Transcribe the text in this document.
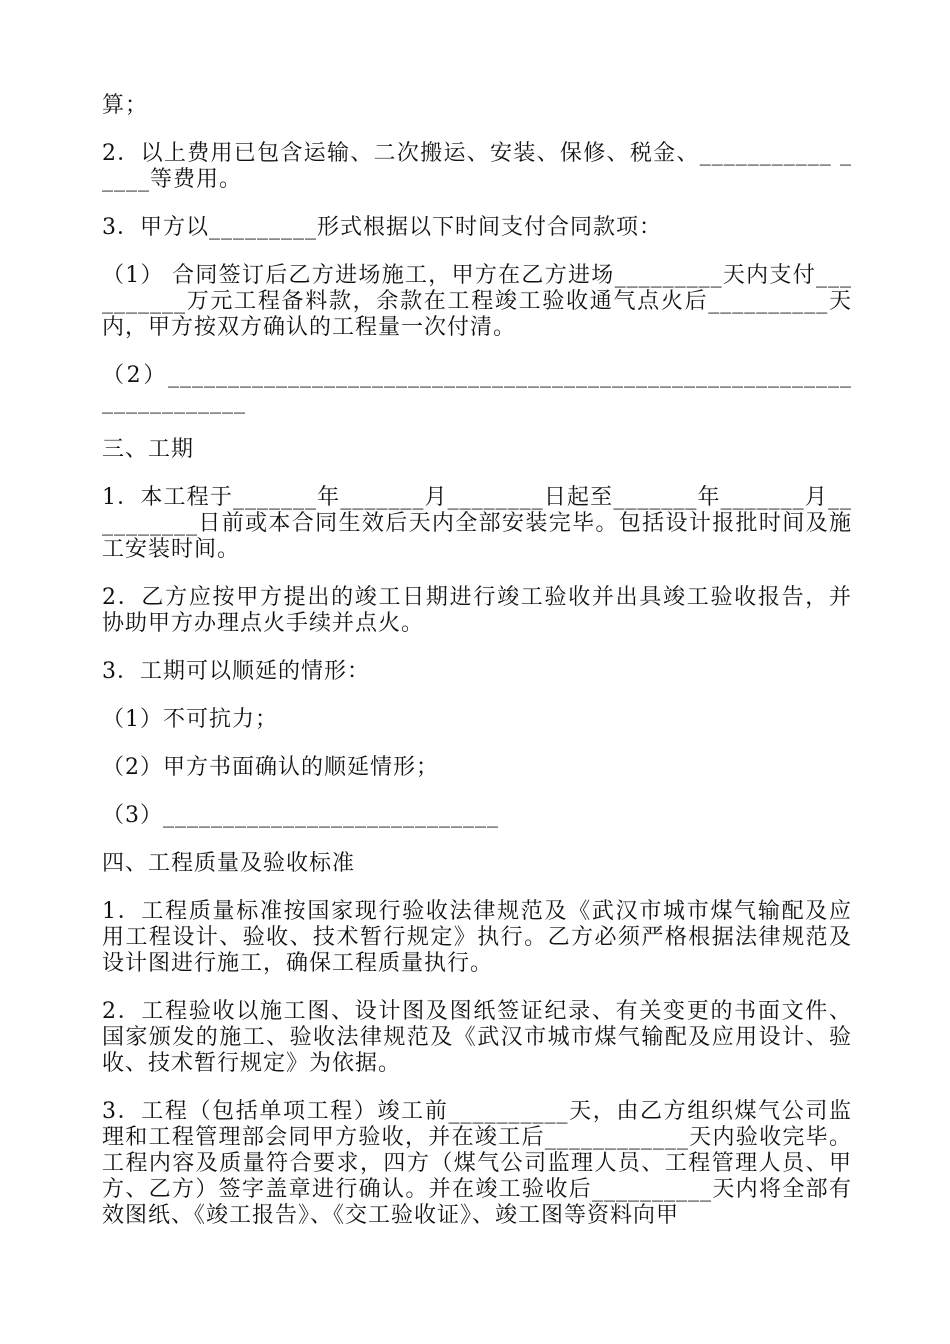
算；

2．以上费用已包含运输、二次搬运、安装、保修、税金、___________ _____等费用。

3．甲方以_________形式根据以下时间支付合同款项：

（1） 合同签订后乙方进场施工，甲方在乙方进场_________天内支付__________万元工程备料款，余款在工程竣工验收通气点火后__________天内，甲方按双方确认的工程量一次付清。

（2）_____________________________________________________________________

三、工期

1．本工程于_______年_______月________日起至_______年_______月__________日前或本合同生效后天内全部安装完毕。包括设计报批时间及施工安装时间。

2．乙方应按甲方提出的竣工日期进行竣工验收并出具竣工验收报告，并协助甲方办理点火手续并点火。

3．工期可以顺延的情形：

（1）不可抗力；

（2）甲方书面确认的顺延情形；

（3）____________________________

四、工程质量及验收标准

1．工程质量标准按国家现行验收法律规范及《武汉市城市煤气输配及应用工程设计、验收、技术暂行规定》执行。乙方必须严格根据法律规范及设计图进行施工，确保工程质量执行。

2．工程验收以施工图、设计图及图纸签证纪录、有关变更的书面文件、国家颁发的施工、验收法律规范及《武汉市城市煤气输配及应用设计、验收、技术暂行规定》为依据。

3．工程（包括单项工程）竣工前__________天，由乙方组织煤气公司监理和工程管理部会同甲方验收，并在竣工后____________天内验收完毕。工程内容及质量符合要求，四方（煤气公司监理人员、工程管理人员、甲方、乙方）签字盖章进行确认。并在竣工验收后__________天内将全部有效图纸、《竣工报告》、《交工验收证》、竣工图等资料向甲
